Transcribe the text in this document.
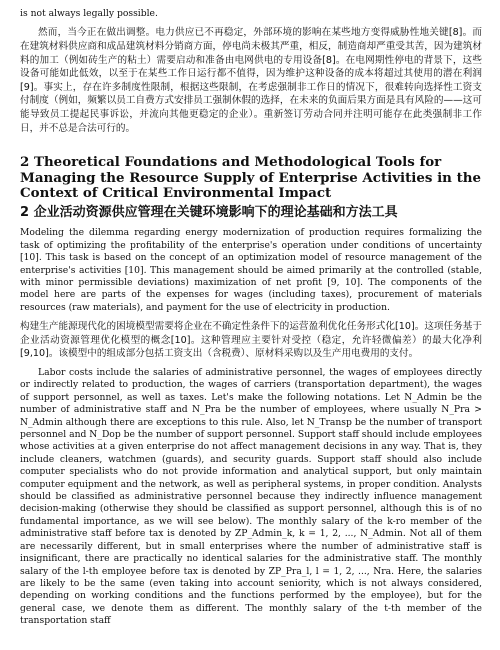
is not always legally possible.

然而，当今正在做出调整。电力供应已不再稳定，外部环境的影响在某些地方变得威胁性地关键[8]。而在建筑材料供应商和成品建筑材料分销商方面，停电尚未极其严重，相反，制造商却严重受其苦，因为建筑材料的加工（例如砖生产的粘土）需要启动和准备由电网供电的专用设备[8]。在电网期性停电的背景下，这些设备可能如此低效，以至于在某些工作日运行都不值得，因为维护这种设备的成本将超过其使用的潜在利润[9]。事实上，存在许多制度性限制，根据这些限制，在考虑强制非工作日的情况下，很难转向选择性工资支付制度（例如，频繁以员工自费方式安排员工强制休假的选择，在未来的负面后果方面是具有风险的——这可能导致员工提起民事诉讼，并流向其他更稳定的企业）。重新签订劳动合同并注明可能存在此类强制非工作日，并不总是合法可行的。

2 Theoretical Foundations and Methodological Tools for Managing the Resource Supply of Enterprise Activities in the Context of Critical Environmental Impact
2 企业活动资源供应管理在关键环境影响下的理论基础和方法工具

Modeling the dilemma regarding energy modernization of production requires formalizing the task of optimizing the profitability of the enterprise's operation under conditions of uncertainty [10]. This task is based on the concept of an optimization model of resource management of the enterprise's activities [10]. This management should be aimed primarily at the controlled (stable, with minor permissible deviations) maximization of net profit [9, 10]. The components of the model here are parts of the expenses for wages (including taxes), procurement of materials resources (raw materials), and payment for the use of electricity in production.

构建生产能源现代化的困境模型需要将企业在不确定性条件下的运营盈利优化任务形式化[10]。这项任务基于企业活动资源管理优化模型的概念[10]。这种管理应主要针对受控（稳定，允许轻微偏差）的最大化净利[9,10]。该模型中的组成部分包括工资支出（含税费）、原材料采购以及生产用电费用的支付。

Labor costs include the salaries of administrative personnel, the wages of employees directly or indirectly related to production, the wages of carriers (transportation department), the wages of support personnel, as well as taxes. Let's make the following notations. Let N_Admin be the number of administrative staff and N_Pra be the number of employees, where usually N_Pra > N_Admin although there are exceptions to this rule. Also, let N_Transp be the number of transport personnel and N_Dop be the number of support personnel. Support staff should include employees whose activities at a given enterprise do not affect management decisions in any way. That is, they include cleaners, watchmen (guards), and security guards. Support staff should also include computer specialists who do not provide information and analytical support, but only maintain computer equipment and the network, as well as peripheral systems, in proper condition. Analysts should be classified as administrative personnel because they indirectly influence management decision-making (otherwise they should be classified as support personnel, although this is of no fundamental importance, as we will see below). The monthly salary of the k-ro member of the administrative staff before tax is denoted by ZP_Admin_k, k = 1, 2, ..., N_Admin. Not all of them are necessarily different, but in small enterprises where the number of administrative staff is insignificant, there are practically no identical salaries for the administrative staff. The monthly salary of the l-th employee before tax is denoted by ZP_Pra_l, l = 1, 2, ..., Nra. Here, the salaries are likely to be the same (even taking into account seniority, which is not always considered, depending on working conditions and the functions performed by the employee), but for the general case, we denote them as different. The monthly salary of the t-th member of the transportation staff
